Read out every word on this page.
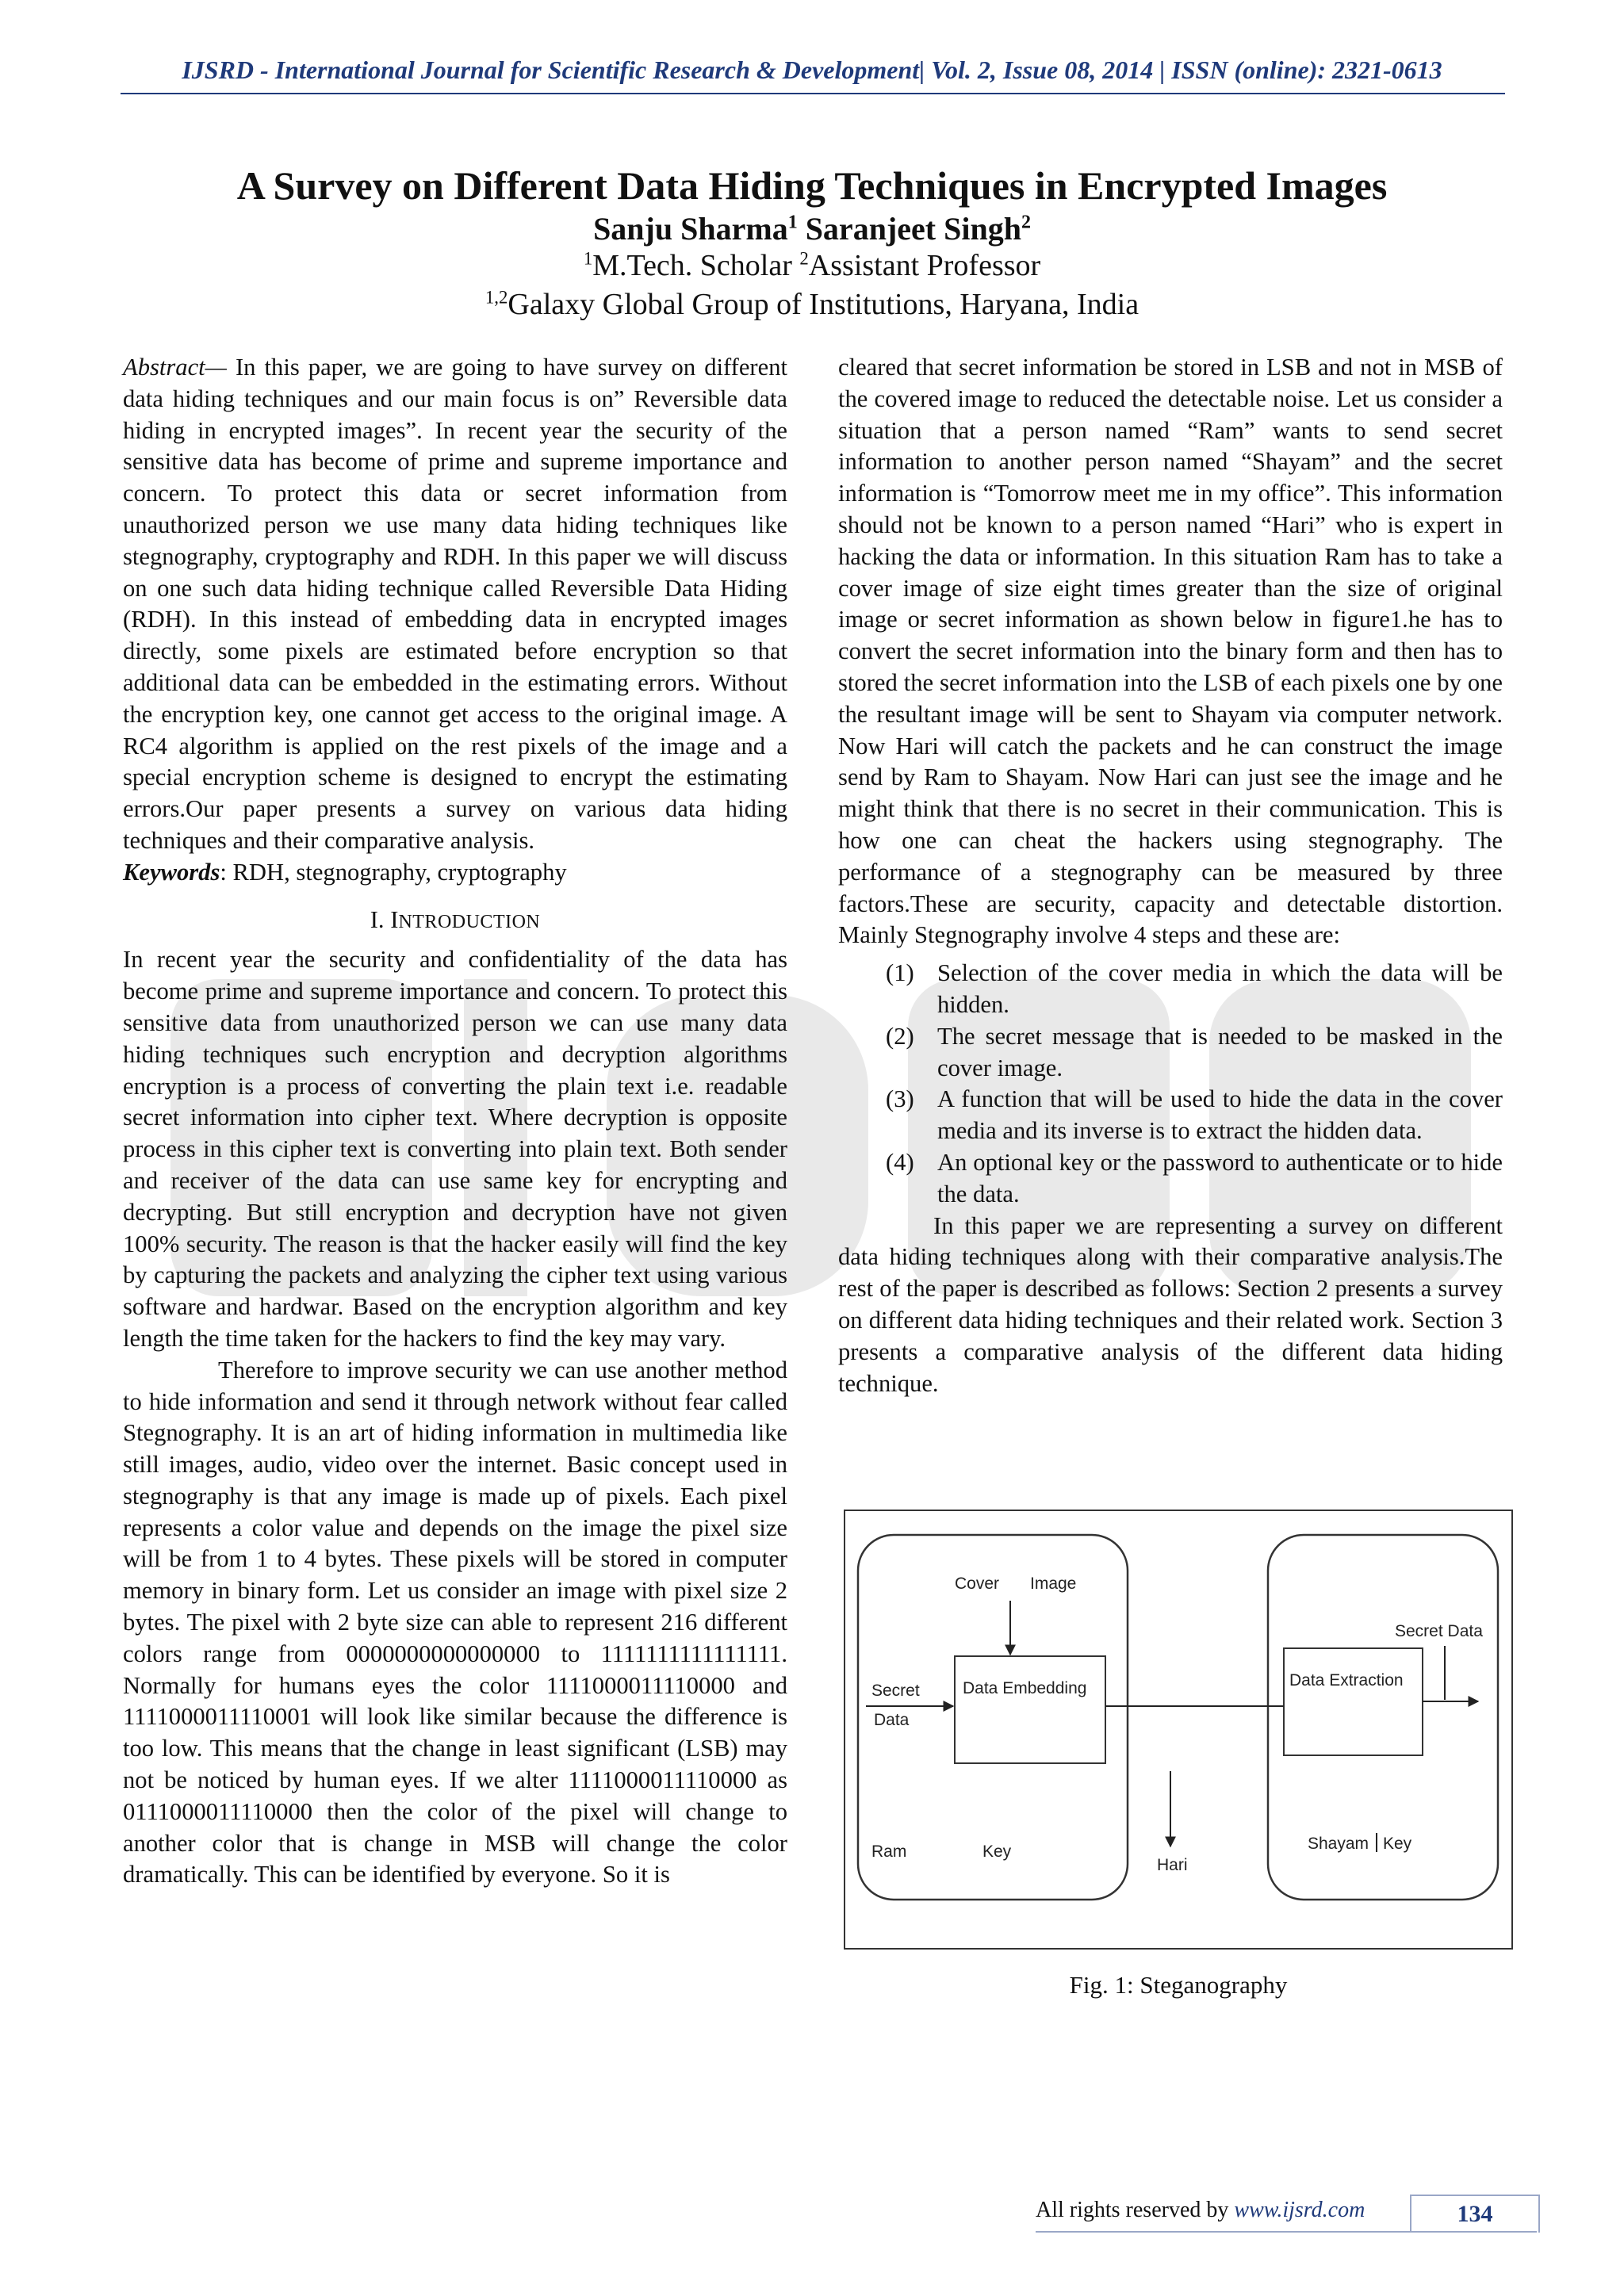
IJSRD - International Journal for Scientific Research & Development| Vol. 2, Issue 08, 2014 | ISSN (online): 2321-0613
A Survey on Different Data Hiding Techniques in Encrypted Images
Sanju Sharma$^1$ Saranjeet Singh$^2$
$^1$M.Tech. Scholar $^2$Assistant Professor
$^{1,2}$Galaxy Global Group of Institutions, Haryana, India

Abstract— In this paper, we are going to have survey on different data hiding techniques and our main focus is on” Reversible data hiding in encrypted images”. In recent year the security of the sensitive data has become of prime and supreme importance and concern. To protect this data or secret information from unauthorized person we use many data hiding techniques like stegnography, cryptography and RDH. In this paper we will discuss on one such data hiding technique called Reversible Data Hiding (RDH). In this instead of embedding data in encrypted images directly, some pixels are estimated before encryption so that additional data can be embedded in the estimating errors. Without the encryption key, one cannot get access to the original image. A RC4 algorithm is applied on the rest pixels of the image and a special encryption scheme is designed to encrypt the estimating errors.Our paper presents a survey on various data hiding techniques and their comparative analysis.

Keywords: RDH, stegnography, cryptography

I. INTRODUCTION

In recent year the security and confidentiality of the data has become prime and supreme importance and concern. To protect this sensitive data from unauthorized person we can use many data hiding techniques such encryption and decryption algorithms encryption is a process of converting the plain text i.e. readable secret information into cipher text. Where decryption is opposite process in this cipher text is converting into plain text. Both sender and receiver of the data can use same key for encrypting and decrypting. But still encryption and decryption have not given 100% security. The reason is that the hacker easily will find the key by capturing the packets and analyzing the cipher text using various software and hardwar. Based on the encryption algorithm and key length the time taken for the hackers to find the key may vary.

Therefore to improve security we can use another method to hide information and send it through network without fear called Stegnography. It is an art of hiding information in multimedia like still images, audio, video over the internet. Basic concept used in stegnography is that any image is made up of pixels. Each pixel represents a color value and depends on the image the pixel size will be from 1 to 4 bytes. These pixels will be stored in computer memory in binary form. Let us consider an image with pixel size 2 bytes. The pixel with 2 byte size can able to represent 216 different colors range from 0000000000000000 to 1111111111111111. Normally for humans eyes the color 1111000011110000 and 1111000011110001 will look like similar because the difference is too low. This means that the change in least significant (LSB) may not be noticed by human eyes. If we alter 1111000011110000 as 0111000011110000 then the color of the pixel will change to another color that is change in MSB will change the color dramatically. This can be identified by everyone. So it is

cleared that secret information be stored in LSB and not in MSB of the covered image to reduced the detectable noise. Let us consider a situation that a person named “Ram” wants to send secret information to another person named “Shayam” and the secret information is “Tomorrow meet me in my office”. This information should not be known to a person named “Hari” who is expert in hacking the data or information. In this situation Ram has to take a cover image of size eight times greater than the size of original image or secret information as shown below in figure1.he has to convert the secret information into the binary form and then has to stored the secret information into the LSB of each pixels one by one the resultant image will be sent to Shayam via computer network. Now Hari will catch the packets and he can construct the image send by Ram to Shayam. Now Hari can just see the image and he might think that there is no secret in their communication. This is how one can cheat the hackers using stegnography. The performance of a stegnography can be measured by three factors.These are security, capacity and detectable distortion. Mainly Stegnography involve 4 steps and these are:

(1) Selection of the cover media in which the data will be hidden.
(2) The secret message that is needed to be masked in the cover image.
(3) A function that will be used to hide the data in the cover media and its inverse is to extract the hidden data.
(4) An optional key or the password to authenticate or to hide the data.

In this paper we are representing a survey on different data hiding techniques along with their comparative analysis.The rest of the paper is described as follows: Section 2 presents a survey on different data hiding techniques and their related work. Section 3 presents a comparative analysis of the different data hiding technique.

Cover Image
Secret
Data
Data Embedding
Ram	Key
Hari
Data Extraction
Secret Data
Shayam Key
Fig. 1: Steganography
All rights reserved by www.ijsrd.com	134
